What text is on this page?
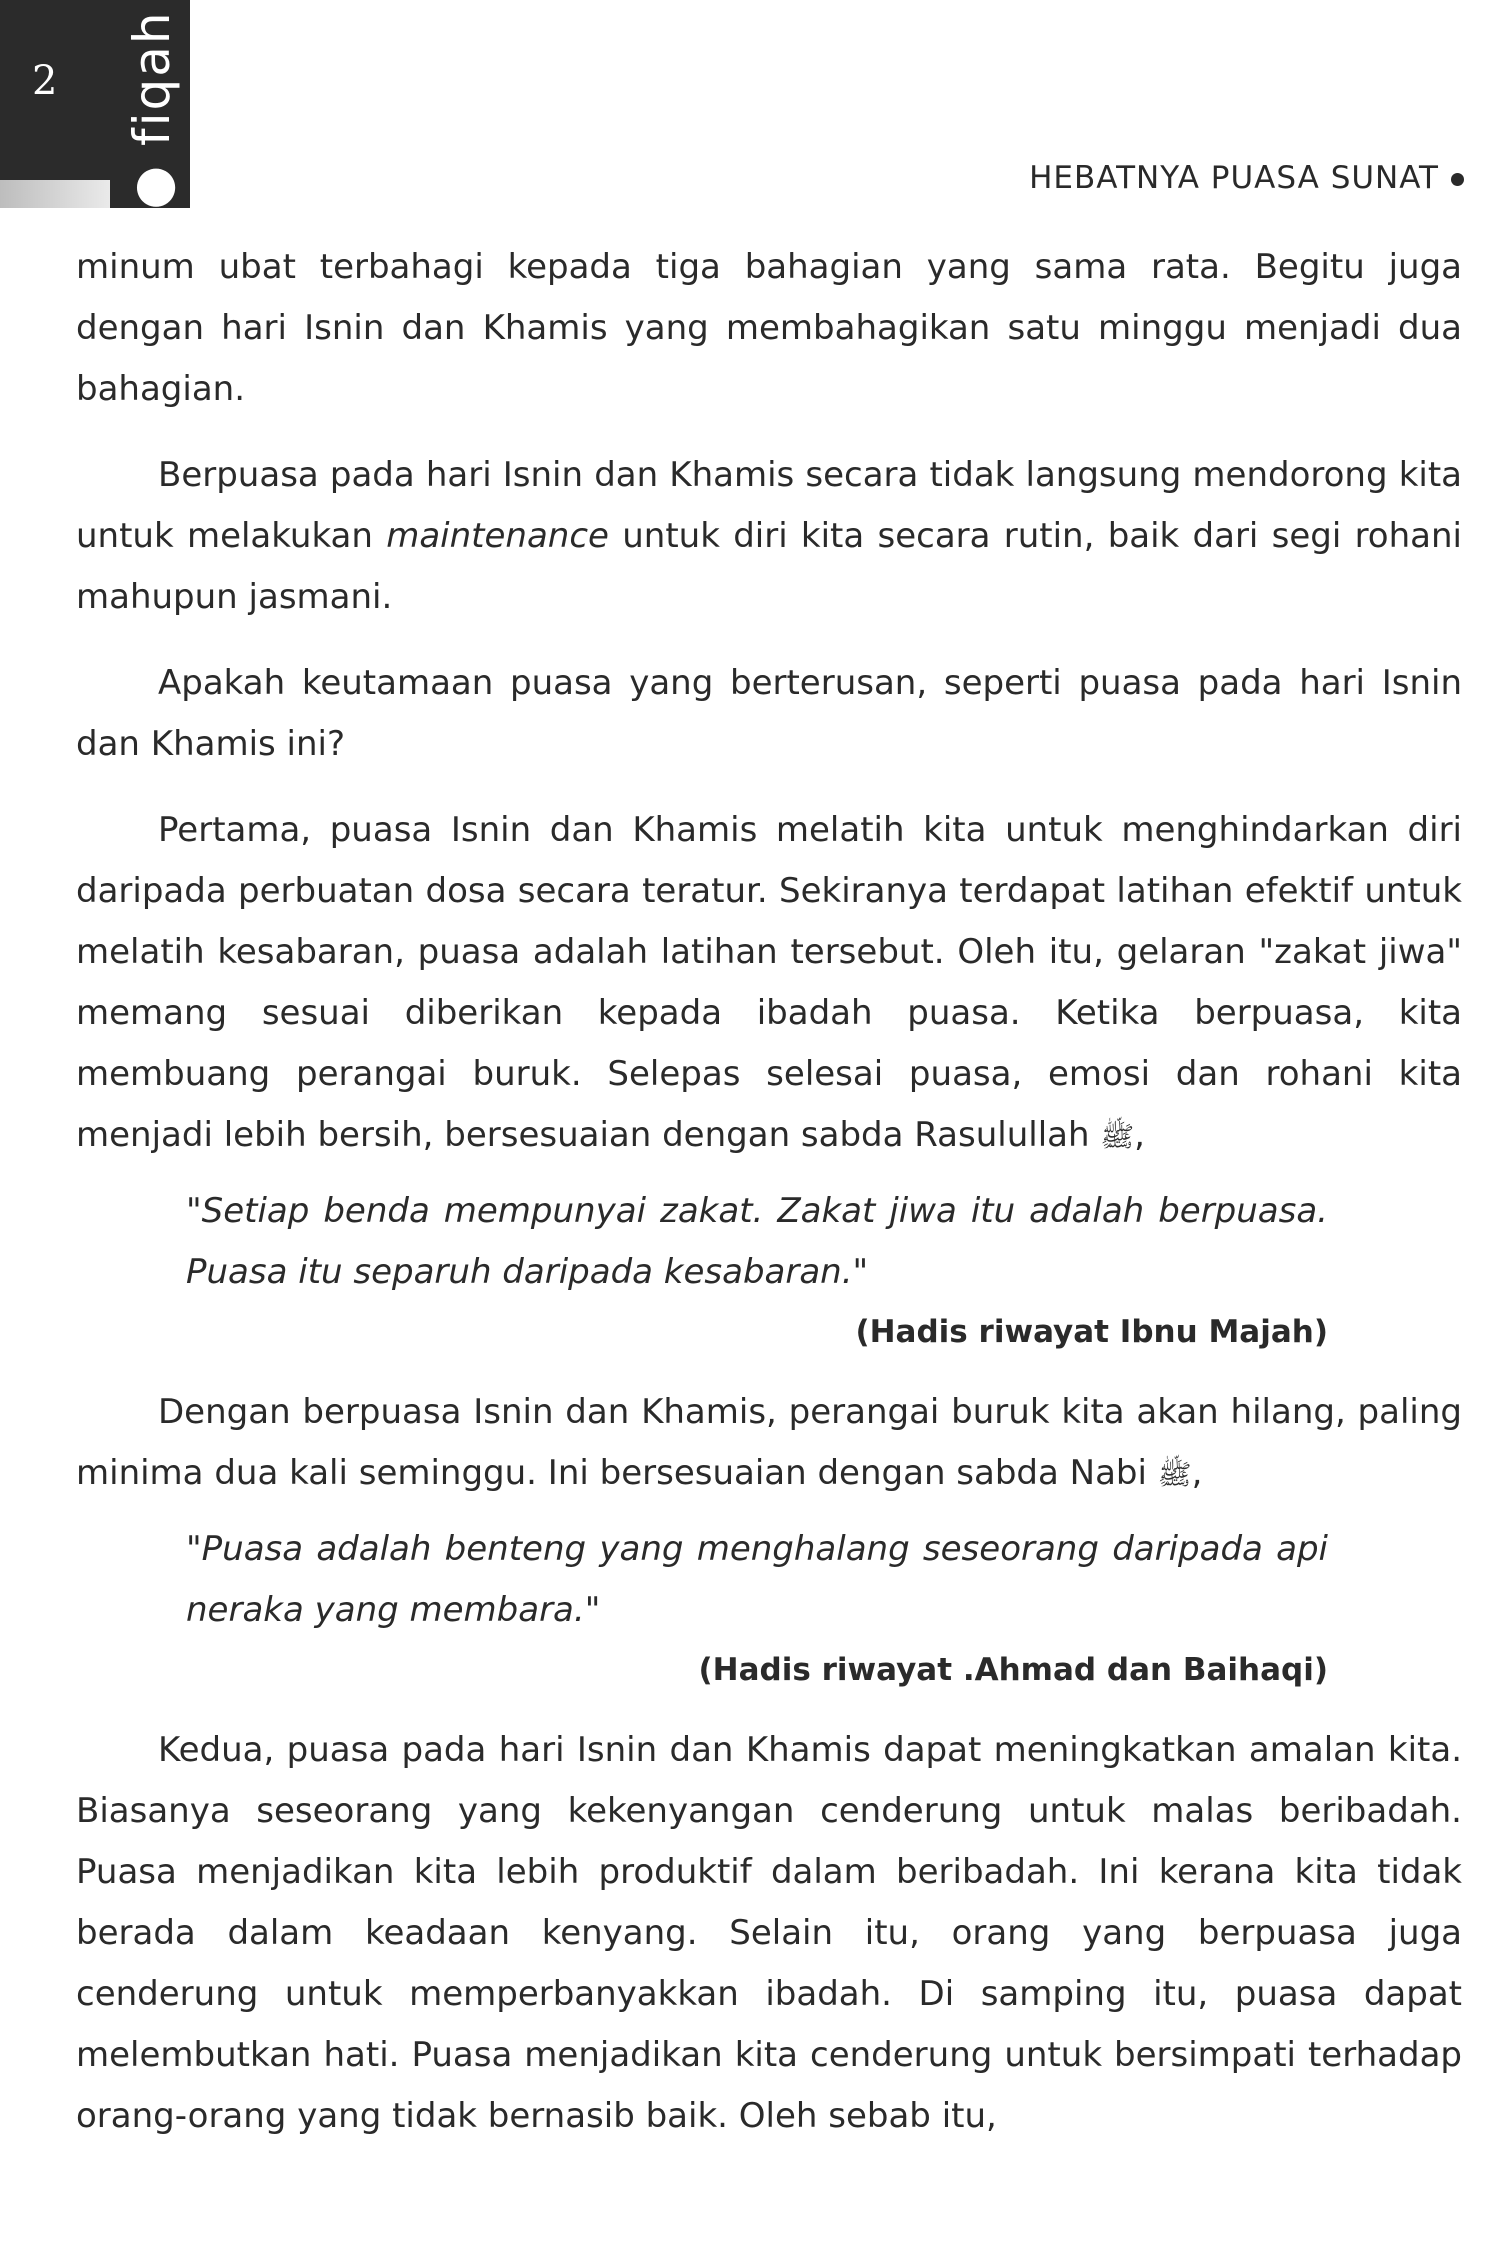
2
● fiqah
HEBATNYA PUASA SUNAT

minum ubat terbahagi kepada tiga bahagian yang sama rata. Begitu juga dengan hari Isnin dan Khamis yang membahagikan satu minggu menjadi dua bahagian.

Berpuasa pada hari Isnin dan Khamis secara tidak langsung mendorong kita untuk melakukan maintenance untuk diri kita secara rutin, baik dari segi rohani mahupun jasmani.

Apakah keutamaan puasa yang berterusan, seperti puasa pada hari Isnin dan Khamis ini?

Pertama, puasa Isnin dan Khamis melatih kita untuk menghindarkan diri daripada perbuatan dosa secara teratur. Sekiranya terdapat latihan efektif untuk melatih kesabaran, puasa adalah latihan tersebut. Oleh itu, gelaran "zakat jiwa" memang sesuai diberikan kepada ibadah puasa. Ketika berpuasa, kita membuang perangai buruk. Selepas selesai puasa, emosi dan rohani kita menjadi lebih bersih, bersesuaian dengan sabda Rasulullah ﷺ,

"Setiap benda mempunyai zakat. Zakat jiwa itu adalah berpuasa. Puasa itu separuh daripada kesabaran."
(Hadis riwayat Ibnu Majah)

Dengan berpuasa Isnin dan Khamis, perangai buruk kita akan hilang, paling minima dua kali seminggu. Ini bersesuaian dengan sabda Nabi ﷺ,

"Puasa adalah benteng yang menghalang seseorang daripada api neraka yang membara."
(Hadis riwayat .Ahmad dan Baihaqi)

Kedua, puasa pada hari Isnin dan Khamis dapat meningkatkan amalan kita. Biasanya seseorang yang kekenyangan cenderung untuk malas beribadah. Puasa menjadikan kita lebih produktif dalam beribadah. Ini kerana kita tidak berada dalam keadaan kenyang. Selain itu, orang yang berpuasa juga cenderung untuk memperbanyakkan ibadah. Di samping itu, puasa dapat melembutkan hati. Puasa menjadikan kita cenderung untuk bersimpati terhadap orang-orang yang tidak bernasib baik. Oleh sebab itu,
